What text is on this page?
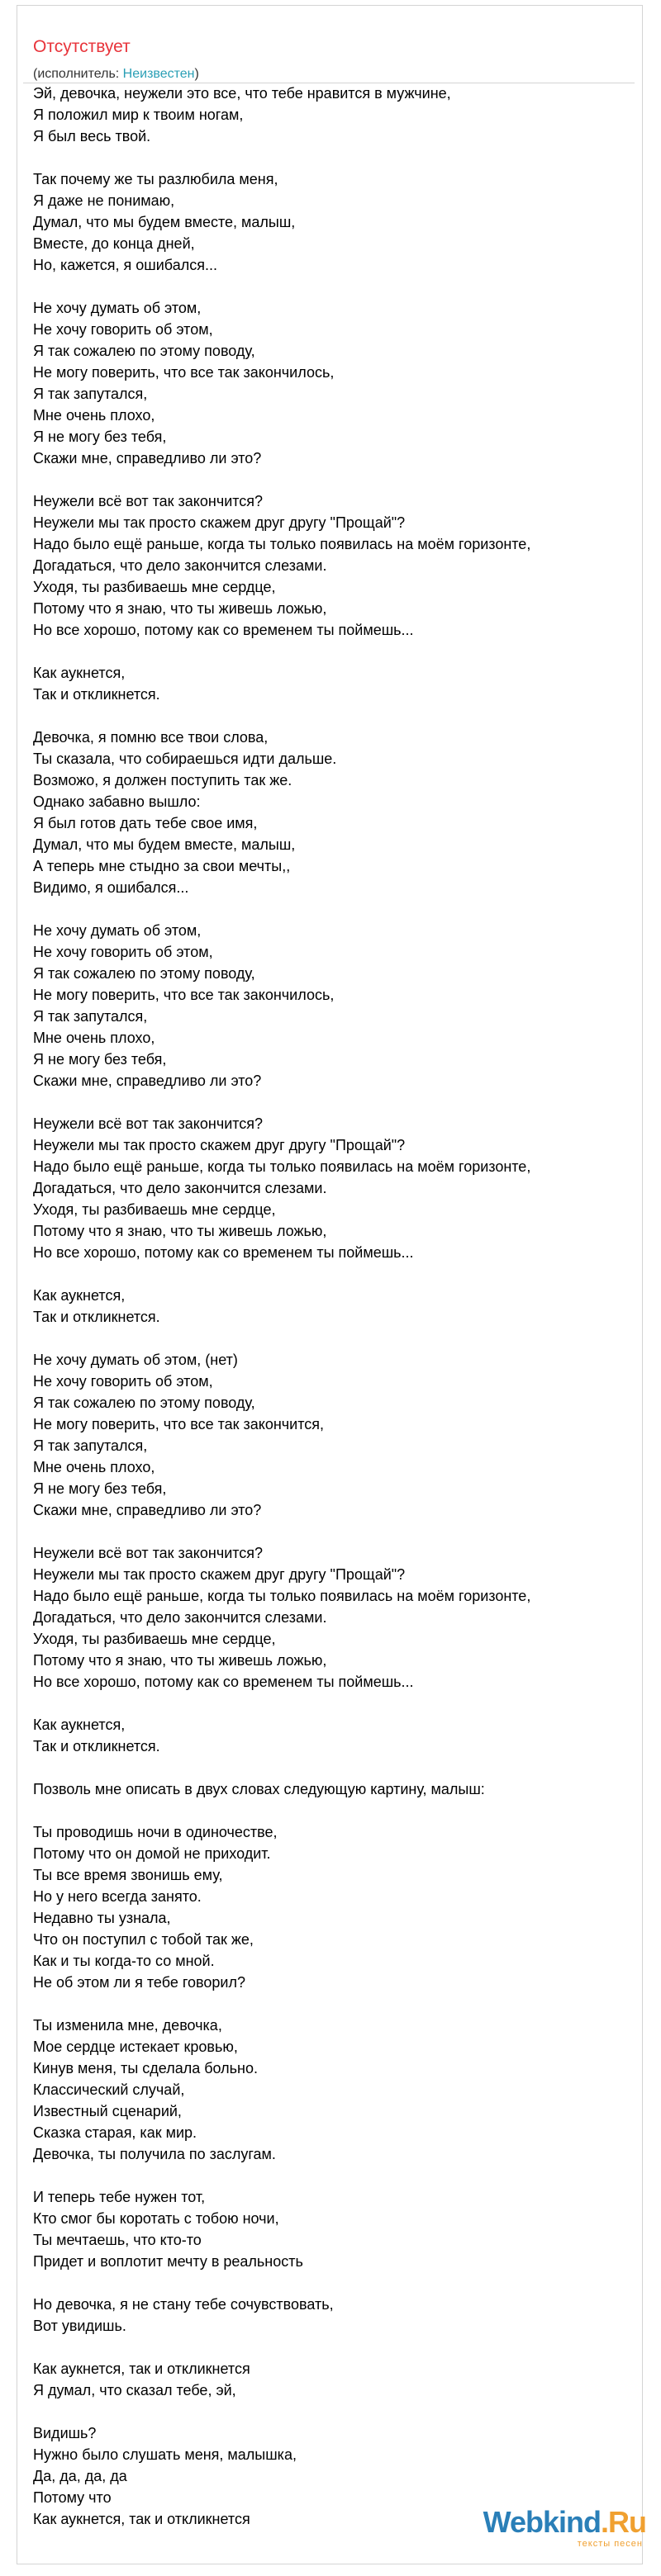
Отсутствует
(исполнитель: Неизвестен)
Эй, девочка, неужели это все, что тебе нравится в мужчине,
Я положил мир к твоим ногам,
Я был весь твой.
Так почему же ты разлюбила меня,
Я даже не понимаю,
Думал, что мы будем вместе, малыш,
Вместе, до конца дней,
Но, кажется, я ошибался...
Не хочу думать об этом,
Не хочу говорить об этом,
Я так сожалею по этому поводу,
Не могу поверить, что все так закончилось,
Я так запутался,
Мне очень плохо,
Я не могу без тебя,
Скажи мне, справедливо ли это?
Неужели всё вот так закончится?
Неужели мы так просто скажем друг другу "Прощай"?
Надо было ещё раньше, когда ты только появилась на моём горизонте,
Догадаться, что дело закончится слезами.
Уходя, ты разбиваешь мне сердце,
Потому что я знаю, что ты живешь ложью,
Но все хорошо, потому как со временем ты поймешь...
Как аукнется,
Так и откликнется.
Девочка, я помню все твои слова,
Ты сказала, что собираешься идти дальше.
Возможо, я должен поступить так же.
Однако забавно вышло:
Я был готов дать тебе свое имя,
Думал, что мы будем вместе, малыш,
А теперь мне стыдно за свои мечты,,
Видимо, я ошибался...
Не хочу думать об этом,
Не хочу говорить об этом,
Я так сожалею по этому поводу,
Не могу поверить, что все так закончилось,
Я так запутался,
Мне очень плохо,
Я не могу без тебя,
Скажи мне, справедливо ли это?
Неужели всё вот так закончится?
Неужели мы так просто скажем друг другу "Прощай"?
Надо было ещё раньше, когда ты только появилась на моём горизонте,
Догадаться, что дело закончится слезами.
Уходя, ты разбиваешь мне сердце,
Потому что я знаю, что ты живешь ложью,
Но все хорошо, потому как со временем ты поймешь...
Как аукнется,
Так и откликнется.
Не хочу думать об этом, (нет)
Не хочу говорить об этом,
Я так сожалею по этому поводу,
Не могу поверить, что все так закончится,
Я так запутался,
Мне очень плохо,
Я не могу без тебя,
Скажи мне, справедливо ли это?
Неужели всё вот так закончится?
Неужели мы так просто скажем друг другу "Прощай"?
Надо было ещё раньше, когда ты только появилась на моём горизонте,
Догадаться, что дело закончится слезами.
Уходя, ты разбиваешь мне сердце,
Потому что я знаю, что ты живешь ложью,
Но все хорошо, потому как со временем ты поймешь...
Как аукнется,
Так и откликнется.
Позволь мне описать в двух словах следующую картину, малыш:
Ты проводишь ночи в одиночестве,
Потому что он домой не приходит.
Ты все время звонишь ему,
Но у него всегда занято.
Недавно ты узнала,
Что он поступил с тобой так же,
Как и ты когда-то со мной.
Не об этом ли я тебе говорил?
Ты изменила мне, девочка,
Мое сердце истекает кровью,
Кинув меня, ты сделала больно.
Классический случай,
Известный сценарий,
Сказка старая, как мир.
Девочка, ты получила по заслугам.
И теперь тебе нужен тот,
Кто смог бы коротать с тобою ночи,
Ты мечтаешь, что кто-то
Придет и воплотит мечту в реальность
Но девочка, я не стану тебе сочувствовать,
Вот увидишь.
Как аукнется, так и откликнется
Я думал, что сказал тебе, эй,
Видишь?
Нужно было слушать меня, малышка,
Да, да, да, да
Потому что
Как аукнется, так и откликнется	Webkind.Ru
тексты песен
